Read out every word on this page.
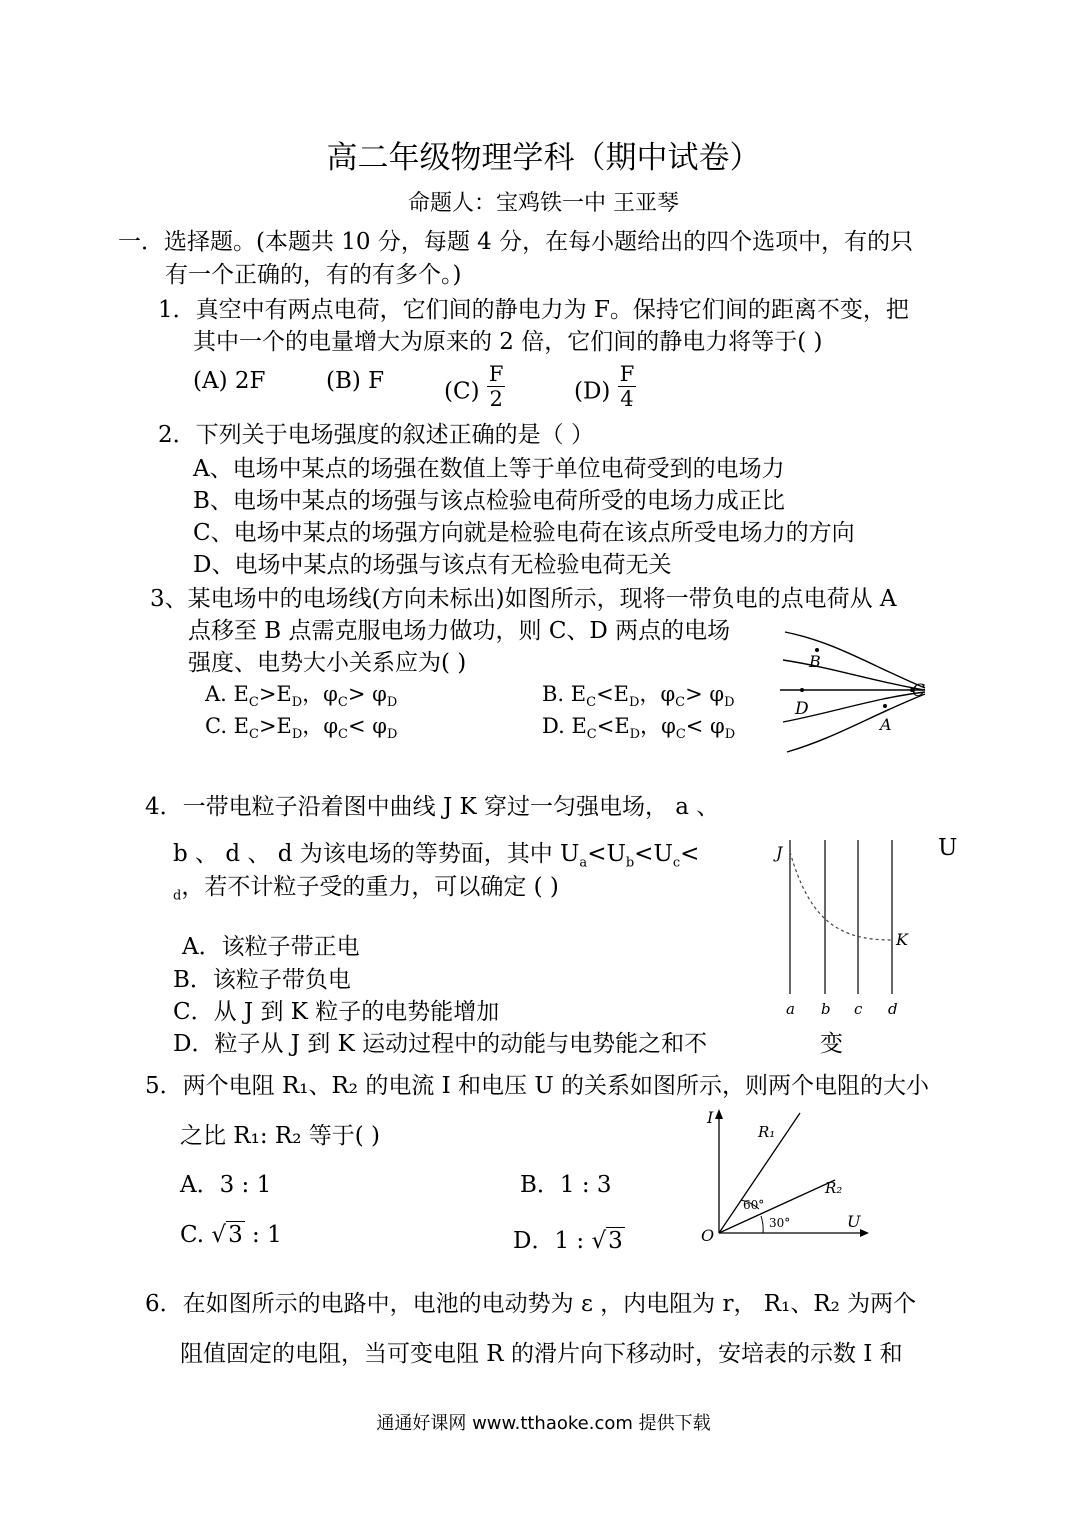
高二年级物理学科（期中试卷）
命题人：宝鸡铁一中 王亚琴
一．选择题。(本题共 10 分，每题 4 分，在每小题给出的四个选项中，有的只
有一个正确的，有的有多个。)
1．真空中有两点电荷，它们间的静电力为 F。保持它们间的距离不变，把
其中一个的电量增大为原来的 2 倍，它们间的静电力将等于( )
(A) 2F	(B) F	$(C) \frac{F}{2}$	$(D) \frac{F}{4}$
2．下列关于电场强度的叙述正确的是（ ）
A、电场中某点的场强在数值上等于单位电荷受到的电场力
B、电场中某点的场强与该点检验电荷所受的电场力成正比
C、电场中某点的场强方向就是检验电荷在该点所受电场力的方向
D、电场中某点的场强与该点有无检验电荷无关
3、某电场中的电场线(方向未标出)如图所示，现将一带负电的点电荷从 A
点移至 B 点需克服电场力做功，则 C、D 两点的电场
强度、电势大小关系应为( )
A. $E_C>E_D$，$\varphi_C> \varphi_D$	B. $E_C<E_D$，$\varphi_C> \varphi_D$
C. $E_C>E_D$，$\varphi_C< \varphi_D$	D. $E_C<E_D$，$\varphi_C< \varphi_D$
B
C
D
A
4．一带电粒子沿着图中曲线 J K 穿过一匀强电场， a 、
b 、 d 、 d 为该电场的等势面，其中 $U_a<U_b<U_c<$	U
$_d$，若不计粒子受的重力，可以确定 ( )
A．该粒子带正电
B．该粒子带负电
C．从 J 到 K 粒子的电势能增加
D．粒子从 J 到 K 运动过程中的动能与电势能之和不	变
J
K
a b c d
5．两个电阻 R₁、R₂ 的电流 I 和电压 U 的关系如图所示，则两个电阻的大小
之比 R₁: R₂ 等于( )
A．3 : 1	B．1 : 3
C. √3 : 1	D．1 : √3
I
U
O
R₁
R₂
60°
30°
6．在如图所示的电路中，电池的电动势为 ε ，内电阻为 r， R₁、R₂ 为两个
阻值固定的电阻，当可变电阻 R 的滑片向下移动时，安培表的示数 I 和
通通好课网 www.tthaoke.com 提供下载
